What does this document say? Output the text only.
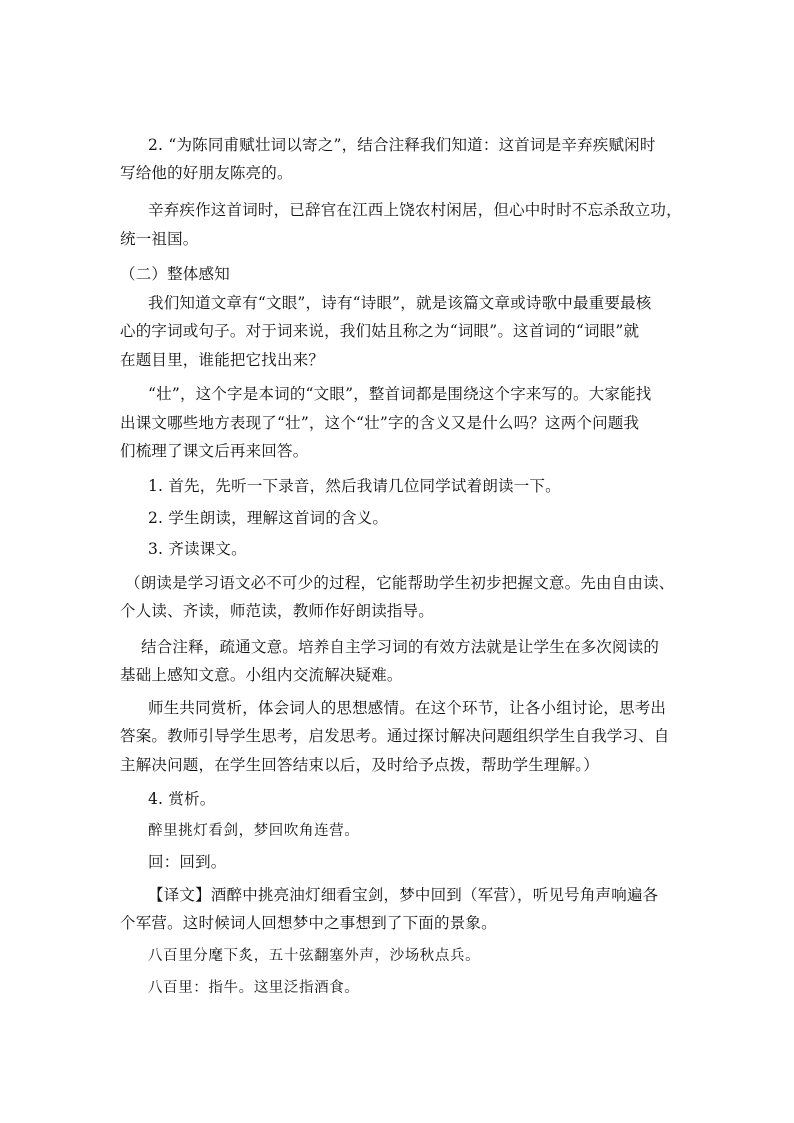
2. “为陈同甫赋壮词以寄之”，结合注释我们知道：这首词是辛弃疾赋闲时
写给他的好朋友陈亮的。
辛弃疾作这首词时，已辞官在江西上饶农村闲居，但心中时时不忘杀敌立功，
统一祖国。
（二）整体感知
我们知道文章有“文眼”，诗有“诗眼”，就是该篇文章或诗歌中最重要最核
心的字词或句子。对于词来说，我们姑且称之为“词眼”。这首词的“词眼”就
在题目里，谁能把它找出来？
“壮”，这个字是本词的“文眼”，整首词都是围绕这个字来写的。大家能找
出课文哪些地方表现了“壮”，这个“壮”字的含义又是什么吗？这两个问题我
们梳理了课文后再来回答。
1. 首先，先听一下录音，然后我请几位同学试着朗读一下。
2. 学生朗读，理解这首词的含义。
3. 齐读课文。
（朗读是学习语文必不可少的过程，它能帮助学生初步把握文意。先由自由读、
个人读、齐读，师范读，教师作好朗读指导。
结合注释，疏通文意。培养自主学习词的有效方法就是让学生在多次阅读的
基础上感知文意。小组内交流解决疑难。
师生共同赏析，体会词人的思想感情。在这个环节，让各小组讨论，思考出
答案。教师引导学生思考，启发思考。通过探讨解决问题组织学生自我学习、自
主解决问题，在学生回答结束以后，及时给予点拨，帮助学生理解。）
4. 赏析。
醉里挑灯看剑，梦回吹角连营。
回：回到。
【译文】酒醉中挑亮油灯细看宝剑，梦中回到（军营），听见号角声响遍各
个军营。这时候词人回想梦中之事想到了下面的景象。
八百里分麾下炙，五十弦翻塞外声，沙场秋点兵。
八百里：指牛。这里泛指酒食。
